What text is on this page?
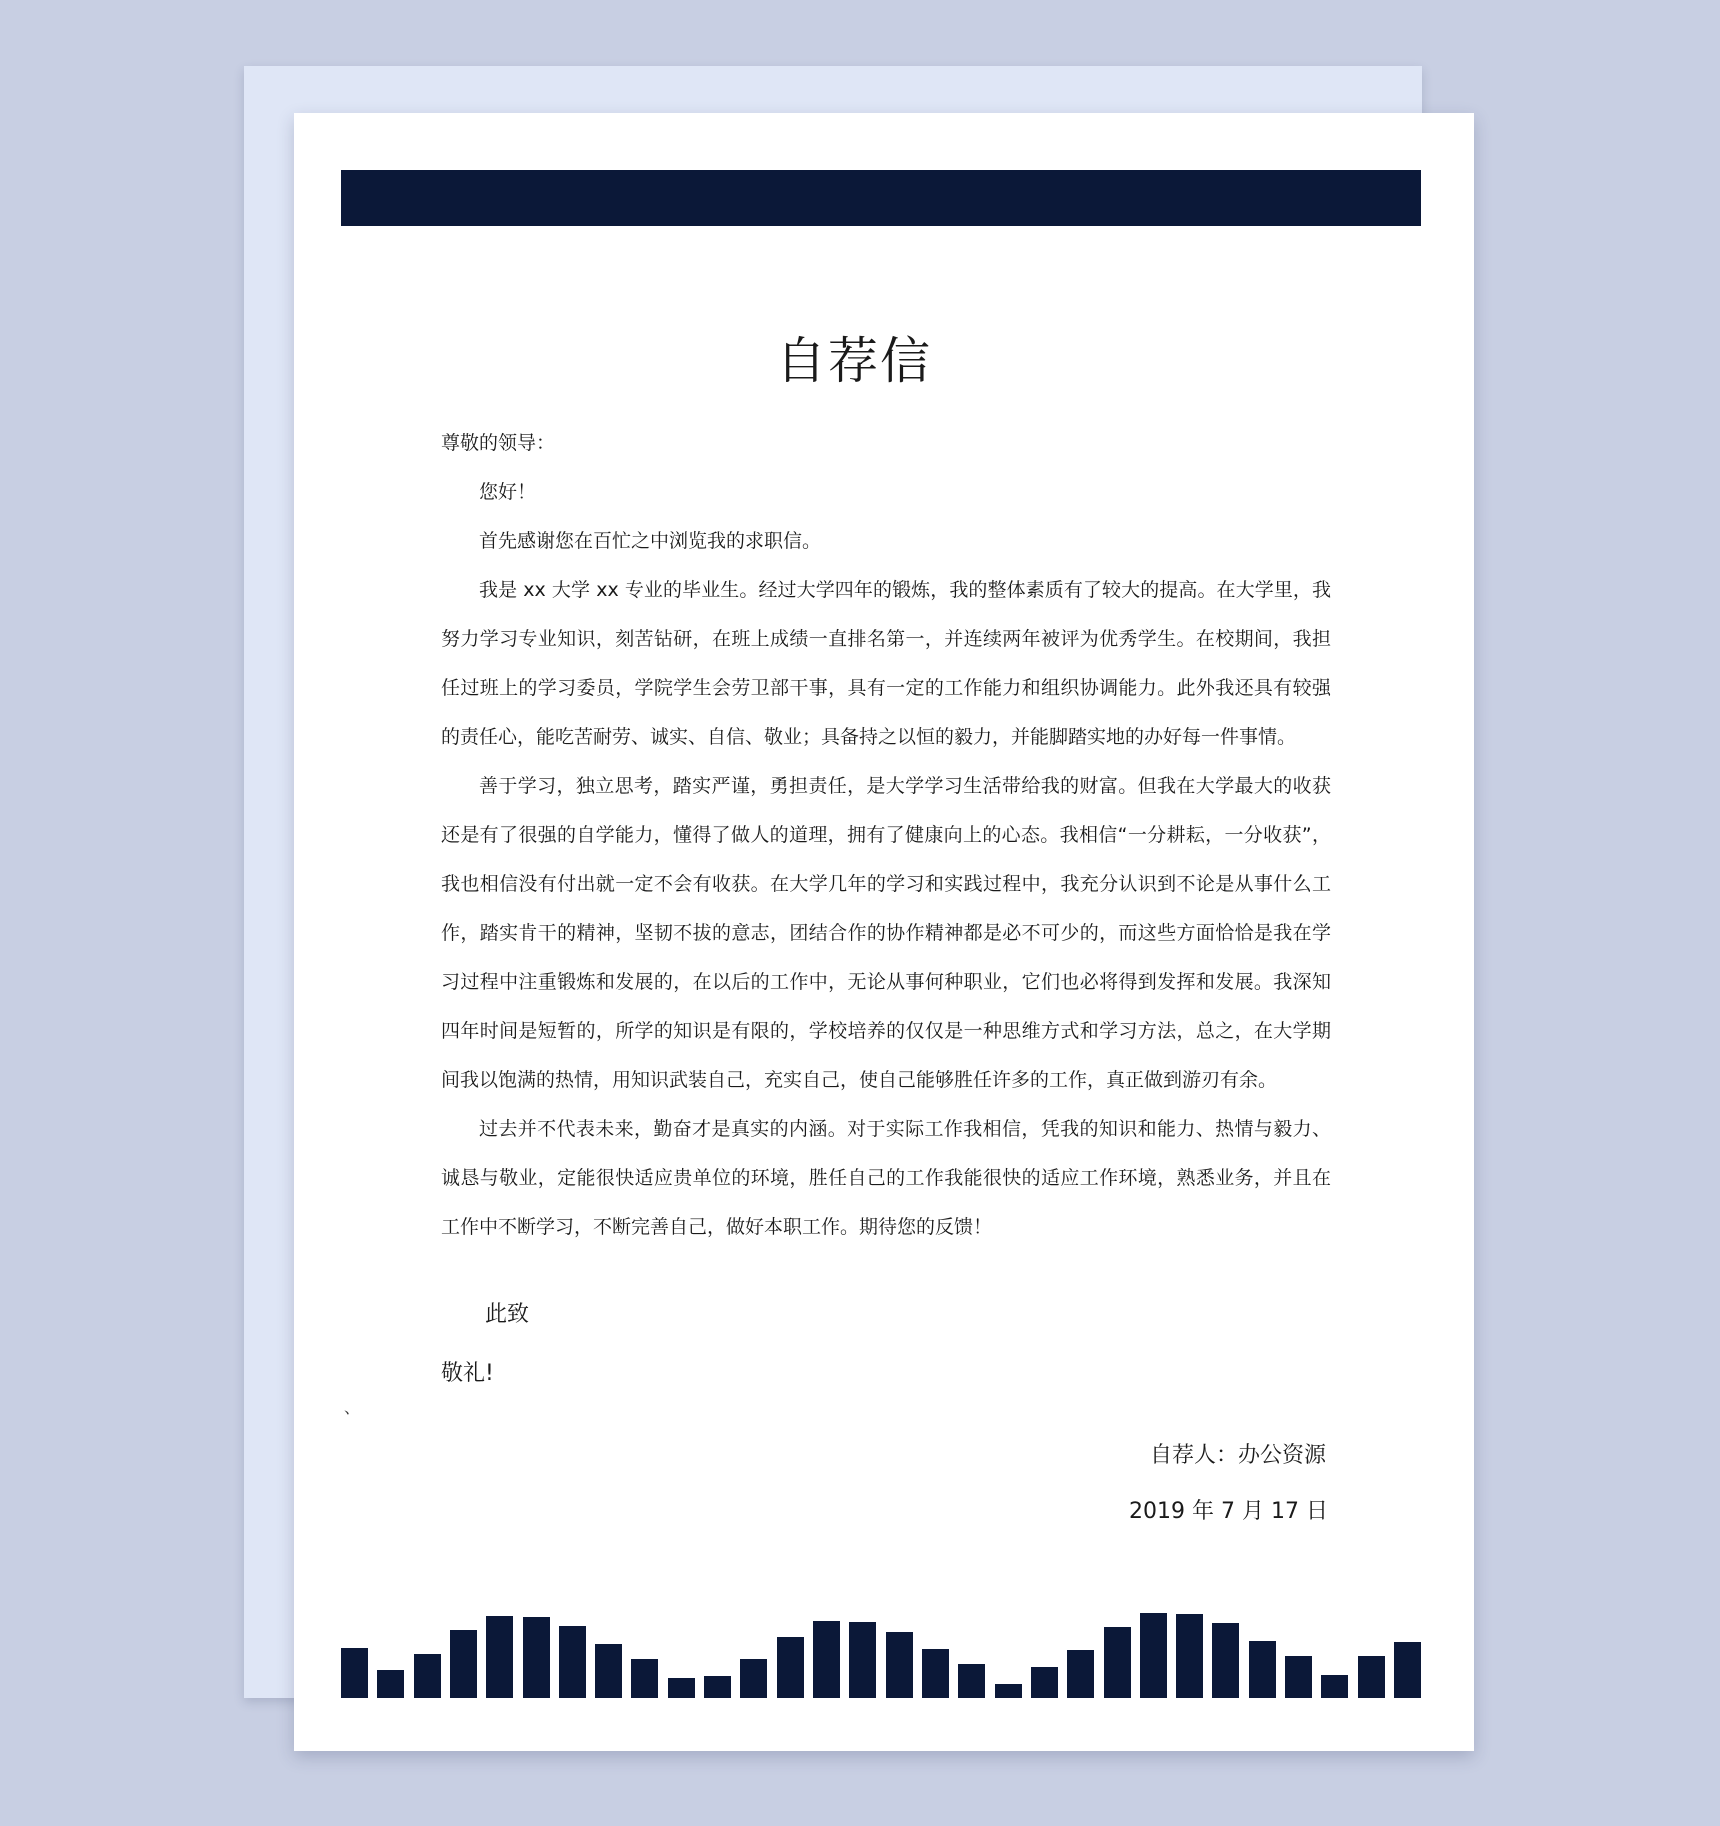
自荐信

尊敬的领导：

您好！

首先感谢您在百忙之中浏览我的求职信。

我是 xx 大学 xx 专业的毕业生。经过大学四年的锻炼，我的整体素质有了较大的提高。在大学里，我努力学习专业知识，刻苦钻研，在班上成绩一直排名第一，并连续两年被评为优秀学生。在校期间，我担任过班上的学习委员，学院学生会劳卫部干事，具有一定的工作能力和组织协调能力。此外我还具有较强的责任心，能吃苦耐劳、诚实、自信、敬业；具备持之以恒的毅力，并能脚踏实地的办好每一件事情。

善于学习，独立思考，踏实严谨，勇担责任，是大学学习生活带给我的财富。但我在大学最大的收获还是有了很强的自学能力，懂得了做人的道理，拥有了健康向上的心态。我相信“一分耕耘，一分收获”，我也相信没有付出就一定不会有收获。在大学几年的学习和实践过程中，我充分认识到不论是从事什么工作，踏实肯干的精神，坚韧不拔的意志，团结合作的协作精神都是必不可少的，而这些方面恰恰是我在学习过程中注重锻炼和发展的，在以后的工作中，无论从事何种职业，它们也必将得到发挥和发展。我深知四年时间是短暂的，所学的知识是有限的，学校培养的仅仅是一种思维方式和学习方法，总之，在大学期间我以饱满的热情，用知识武装自己，充实自己，使自己能够胜任许多的工作，真正做到游刃有余。

过去并不代表未来，勤奋才是真实的内涵。对于实际工作我相信，凭我的知识和能力、热情与毅力、诚恳与敬业，定能很快适应贵单位的环境，胜任自己的工作我能很快的适应工作环境，熟悉业务，并且在工作中不断学习，不断完善自己，做好本职工作。期待您的反馈！

此致
敬礼!
、
自荐人：办公资源
2019 年 7 月 17 日
